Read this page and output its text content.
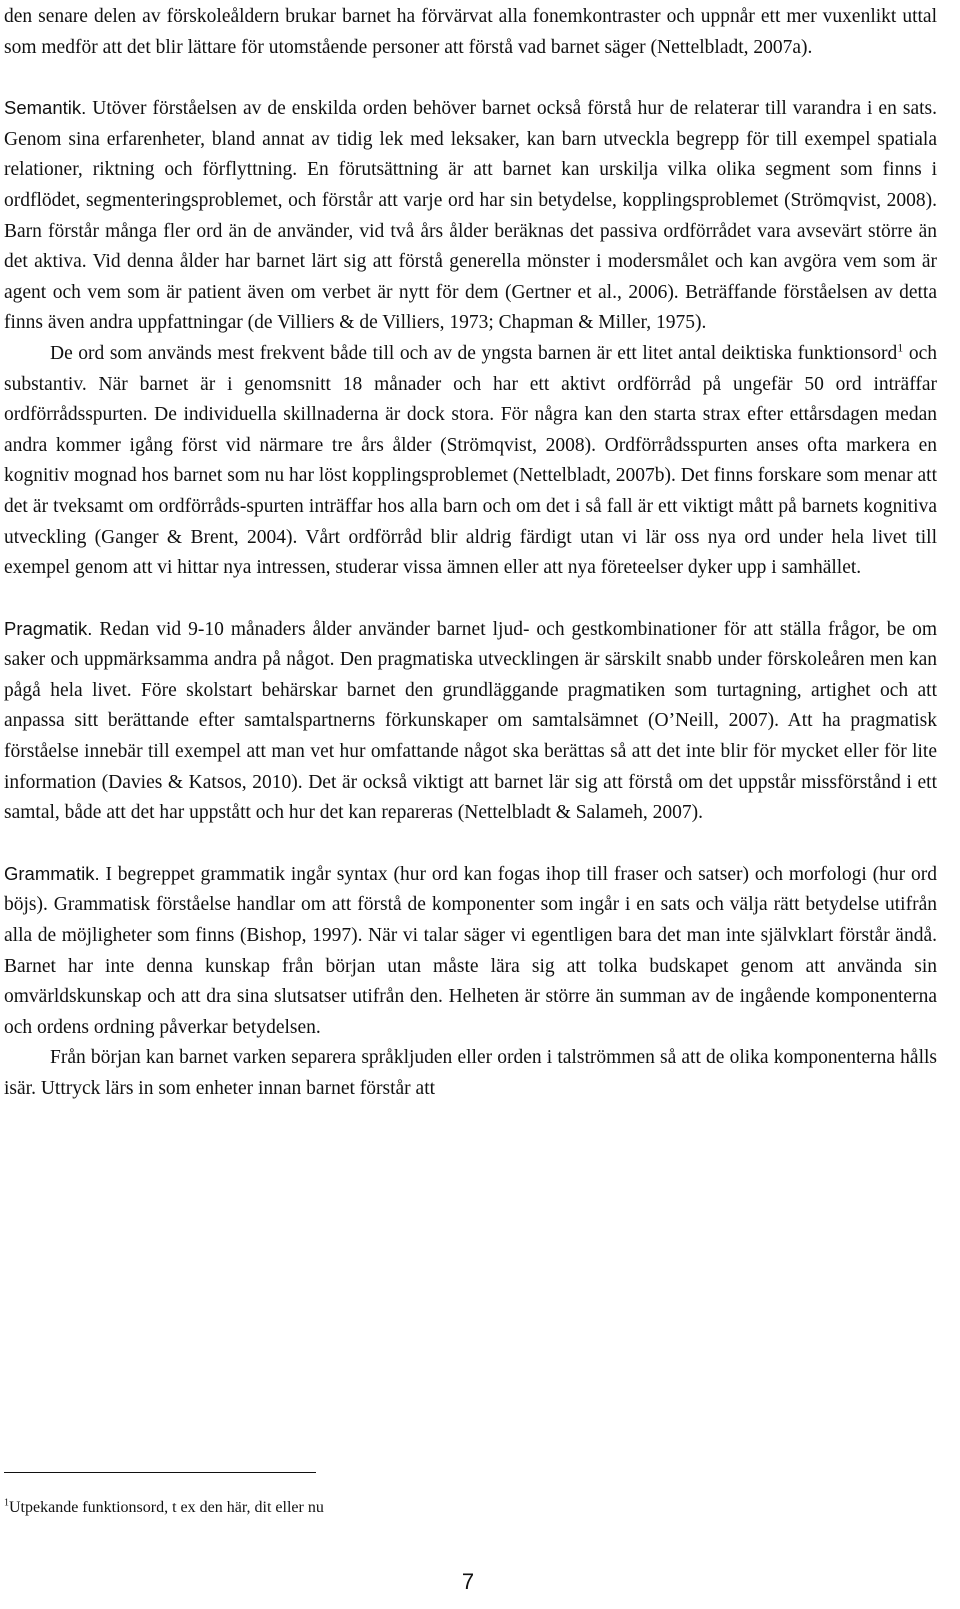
den senare delen av förskoleåldern brukar barnet ha förvärvat alla fonemkontraster och uppnår ett mer vuxenlikt uttal som medför att det blir lättare för utomstående personer att förstå vad barnet säger (Nettelbladt, 2007a).

Semantik. Utöver förståelsen av de enskilda orden behöver barnet också förstå hur de relaterar till varandra i en sats. Genom sina erfarenheter, bland annat av tidig lek med leksaker, kan barn utveckla begrepp för till exempel spatiala relationer, riktning och förflyttning. En förutsättning är att barnet kan urskilja vilka olika segment som finns i ordflödet, segmenteringsproblemet, och förstår att varje ord har sin betydelse, kopplingsproblemet (Strömqvist, 2008). Barn förstår många fler ord än de använder, vid två års ålder beräknas det passiva ordförrådet vara avsevärt större än det aktiva. Vid denna ålder har barnet lärt sig att förstå generella mönster i modersmålet och kan avgöra vem som är agent och vem som är patient även om verbet är nytt för dem (Gertner et al., 2006). Beträffande förståelsen av detta finns även andra uppfattningar (de Villiers & de Villiers, 1973; Chapman & Miller, 1975).

De ord som används mest frekvent både till och av de yngsta barnen är ett litet antal deiktiska funktionsord$^1$ och substantiv. När barnet är i genomsnitt 18 månader och har ett aktivt ordförråd på ungefär 50 ord inträffar ordförrådsspurten. De individuella skillnaderna är dock stora. För några kan den starta strax efter ettårsdagen medan andra kommer igång först vid närmare tre års ålder (Strömqvist, 2008). Ordförrådsspurten anses ofta markera en kognitiv mognad hos barnet som nu har löst kopplingsproblemet (Nettelbladt, 2007b). Det finns forskare som menar att det är tveksamt om ordförråds-spurten inträffar hos alla barn och om det i så fall är ett viktigt mått på barnets kognitiva utveckling (Ganger & Brent, 2004). Vårt ordförråd blir aldrig färdigt utan vi lär oss nya ord under hela livet till exempel genom att vi hittar nya intressen, studerar vissa ämnen eller att nya företeelser dyker upp i samhället.

Pragmatik. Redan vid 9-10 månaders ålder använder barnet ljud- och gestkombinationer för att ställa frågor, be om saker och uppmärksamma andra på något. Den pragmatiska utvecklingen är särskilt snabb under förskoleåren men kan pågå hela livet. Före skolstart behärskar barnet den grundläggande pragmatiken som turtagning, artighet och att anpassa sitt berättande efter samtalspartnerns förkunskaper om samtalsämnet (O’Neill, 2007). Att ha pragmatisk förståelse innebär till exempel att man vet hur omfattande något ska berättas så att det inte blir för mycket eller för lite information (Davies & Katsos, 2010). Det är också viktigt att barnet lär sig att förstå om det uppstår missförstånd i ett samtal, både att det har uppstått och hur det kan repareras (Nettelbladt & Salameh, 2007).

Grammatik. I begreppet grammatik ingår syntax (hur ord kan fogas ihop till fraser och satser) och morfologi (hur ord böjs). Grammatisk förståelse handlar om att förstå de komponenter som ingår i en sats och välja rätt betydelse utifrån alla de möjligheter som finns (Bishop, 1997). När vi talar säger vi egentligen bara det man inte självklart förstår ändå. Barnet har inte denna kunskap från början utan måste lära sig att tolka budskapet genom att använda sin omvärldskunskap och att dra sina slutsatser utifrån den. Helheten är större än summan av de ingående komponenterna och ordens ordning påverkar betydelsen.

Från början kan barnet varken separera språkljuden eller orden i talströmmen så att de olika komponenterna hålls isär. Uttryck lärs in som enheter innan barnet förstår att

$^1$Utpekande funktionsord, t ex den här, dit eller nu

7
